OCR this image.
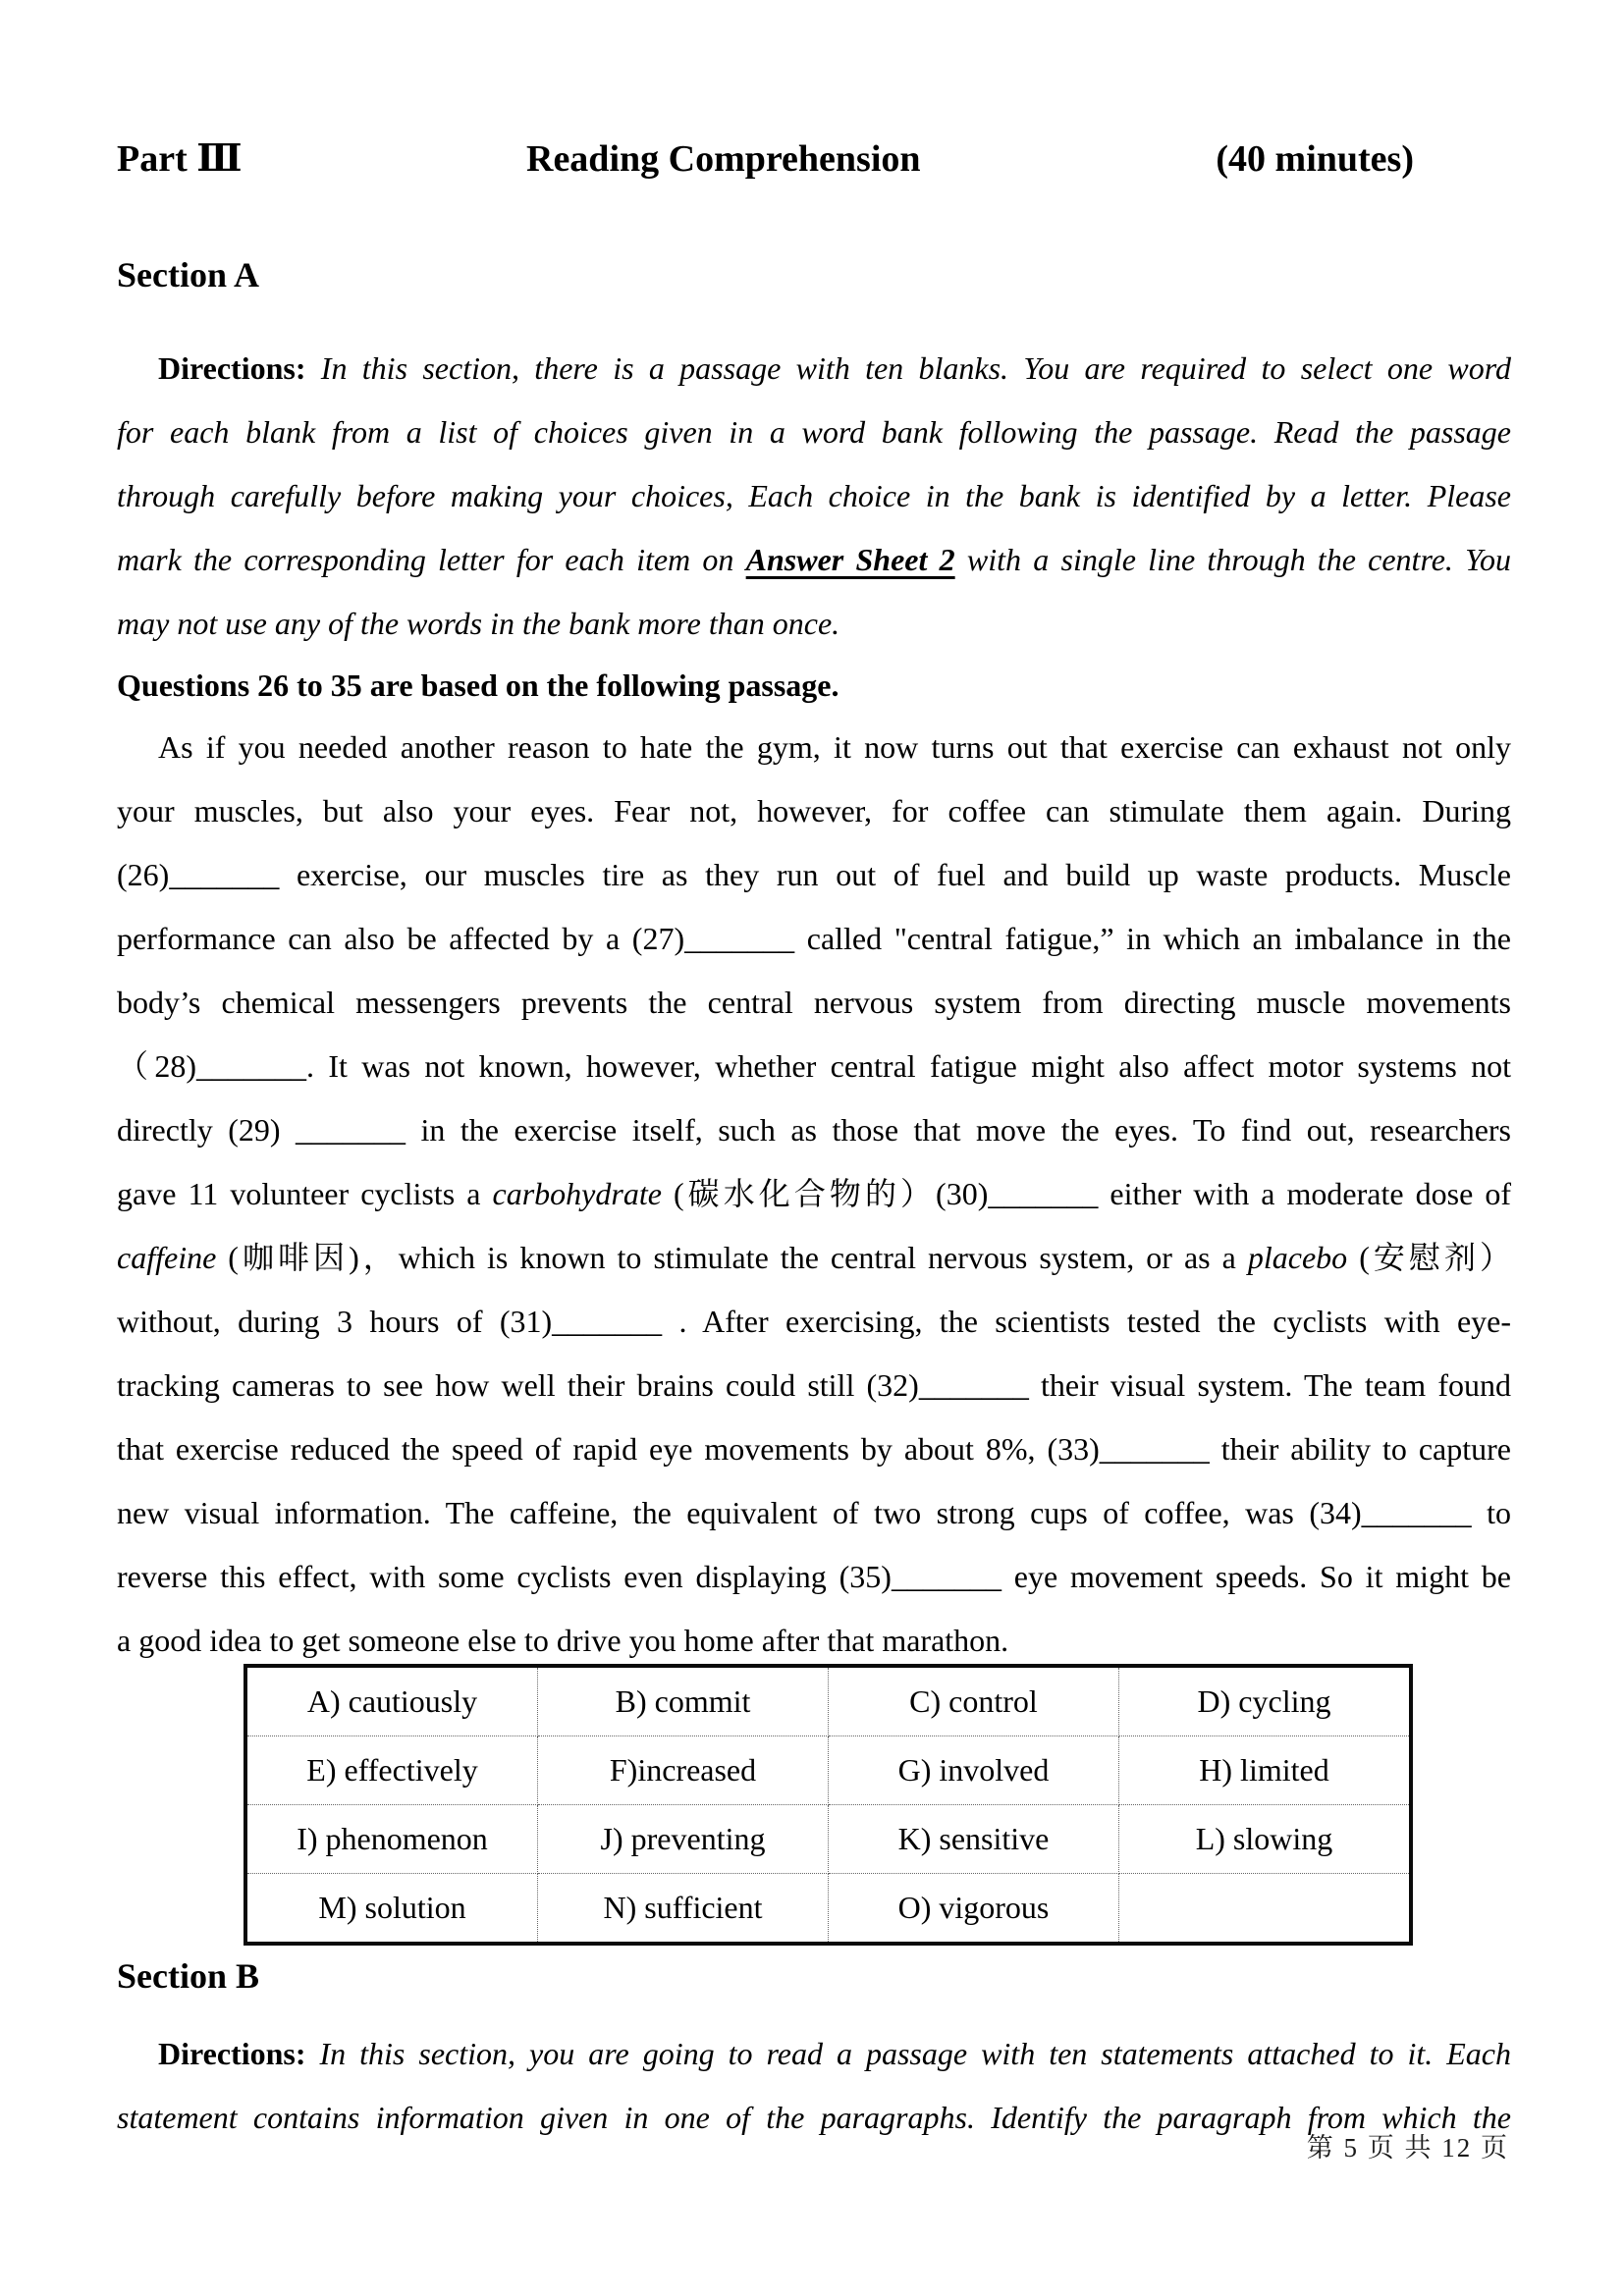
Part Ⅲ	Reading Comprehension	(40 minutes)
Section A
Directions: In this section, there is a passage with ten blanks. You are required to select one word
for each blank from a list of choices given in a word bank following the passage. Read the passage
through carefully before making your choices, Each choice in the bank is identified by a letter. Please
mark the corresponding letter for each item on Answer Sheet 2 with a single line through the centre. You
may not use any of the words in the bank more than once.
Questions 26 to 35 are based on the following passage.
As if you needed another reason to hate the gym, it now turns out that exercise can exhaust not only
your muscles, but also your eyes. Fear not, however, for coffee can stimulate them again. During
(26)_______ exercise, our muscles tire as they run out of fuel and build up waste products. Muscle
performance can also be affected by a (27)_______ called "central fatigue,” in which an imbalance in the
body’s chemical messengers prevents the central nervous system from directing muscle movements
（28)_______. It was not known, however, whether central fatigue might also affect motor systems not
directly (29) _______ in the exercise itself, such as those that move the eyes. To find out, researchers
gave 11 volunteer cyclists a carbohydrate (碳水化合物的）(30)_______ either with a moderate dose of
caffeine (咖啡因)，which is known to stimulate the central nervous system, or as a placebo (安慰剂）
without, during 3 hours of (31)_______ . After exercising, the scientists tested the cyclists with eye-
tracking cameras to see how well their brains could still (32)_______ their visual system. The team found
that exercise reduced the speed of rapid eye movements by about 8%, (33)_______ their ability to capture
new visual information. The caffeine, the equivalent of two strong cups of coffee, was (34)_______ to
reverse this effect, with some cyclists even displaying (35)_______ eye movement speeds. So it might be
a good idea to get someone else to drive you home after that marathon.
A) cautiously	B) commit	C) control	D) cycling
E) effectively	F)increased	G) involved	H) limited
I) phenomenon	J) preventing	K) sensitive	L) slowing
M) solution	N) sufficient	O) vigorous	
Section B
Directions: In this section, you are going to read a passage with ten statements attached to it. Each
statement contains information given in one of the paragraphs. Identify the paragraph from which the
第 5 页 共 12 页
